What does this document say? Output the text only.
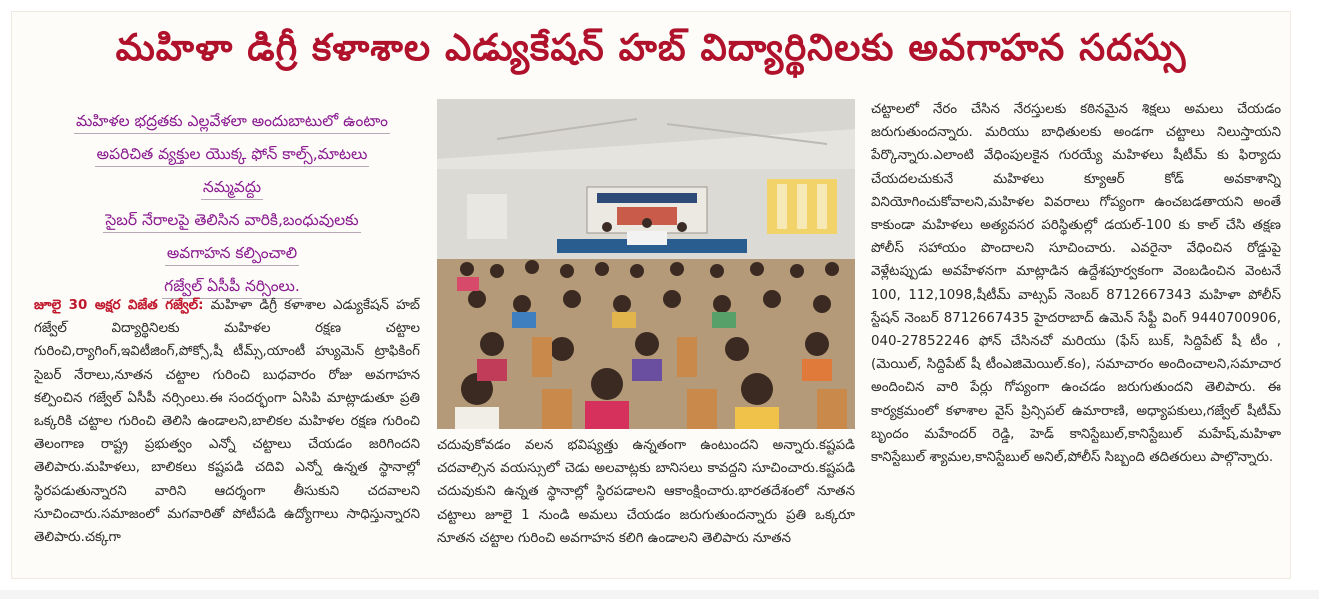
మహిళా డిగ్రీ కళాశాల ఎడ్యుకేషన్ హబ్ విద్యార్థినిలకు అవగాహన సదస్సు
మహిళల భద్రతకు ఎల్లవేళలా అందుబాటులో ఉంటాం
అపరిచిత వ్యక్తుల యొక్క ఫోన్ కాల్స్,మాటలు
నమ్మవద్దు
సైబర్ నేరాలపై తెలిసిన వారికి,బంధువులకు
అవగాహన కల్పించాలి
గజ్వేల్ ఏసీపీ నర్సింలు.
జూలై 30 అక్షర విజేత గజ్వేల్: మహిళా డిగ్రీ కళాశాల ఎడ్యుకేషన్ హబ్ గజ్వేల్ విద్యార్థినిలకు మహిళల రక్షణ చట్టాల గురించి,ర్యాగింగ్,ఇవిటీజింగ్,పోక్సో,షీ టీమ్స్,యాంటీ హ్యుమెన్ ట్రాఫికింగ్ సైబర్ నేరాలు,నూతన చట్టాల గురించి బుధవారం రోజు అవగాహన కల్పించిన గజ్వేల్ ఏసీపీ నర్సింలు.ఈ సందర్భంగా ఏసిపి మాట్లాడుతూ ప్రతి ఒక్కరికి చట్టాల గురించి తెలిసి ఉండాలని,బాలికల మహిళల రక్షణ గురించి తెలంగాణ రాష్ట్ర ప్రభుత్వం ఎన్నో చట్టాలు చేయడం జరిగిందని తెలిపారు.మహిళలు, బాలికలు కష్టపడి చదివి ఎన్నో ఉన్నత స్థానాల్లో స్థిరపడుతున్నారని వారిని ఆదర్శంగా తీసుకుని చదవాలని సూచించారు.సమాజంలో మగవారితో పోటీపడి ఉద్యోగాలు సాధిస్తున్నారని తెలిపారు.చక్కగా
చదువుకోవడం వలన భవిష్యత్తు ఉన్నతంగా ఉంటుందని అన్నారు.కష్టపడి చదవాల్సిన వయస్సులో చెడు అలవాట్లకు బానిసలు కావద్దని సూచించారు.కష్టపడి చదువుకుని ఉన్నత స్థానాల్లో స్థిరపడాలని ఆకాంక్షించారు.భారతదేశంలో నూతన చట్టాలు జూలై 1 నుండి అమలు చేయడం జరుగుతుందన్నారు ప్రతి ఒక్కరూ నూతన చట్టాల గురించి అవగాహన కలిగి ఉండాలని తెలిపారు నూతన
చట్టాలలో నేరం చేసిన నేరస్తులకు కఠినమైన శిక్షలు అమలు చేయడం జరుగుతుందన్నారు. మరియు బాధితులకు అండగా చట్టాలు నిలుస్తాయని పేర్కొన్నారు.ఎలాంటి వేధింపులకైన గురయ్యే మహిళలు షీటీమ్ కు ఫిర్యాదు చేయదలచుకునే మహిళలు క్యూఆర్ కోడ్ అవకాశాన్ని వినియోగించుకోవాలని,మహిళల వివరాలు గోప్యంగా ఉంచబడతాయని అంతే కాకుండా మహిళలు అత్యవసర పరిస్థితుల్లో డయల్-100 కు కాల్ చేసి తక్షణ పోలీస్ సహాయం పొందాలని సూచించారు. ఎవరైనా వేధించిన రోడ్డుపై వెళ్లేటప్పుడు అవహేళనగా మాట్లాడిన ఉద్దేశపూర్వకంగా వెంబడించిన వెంటనే 100, 112,1098,షీటీమ్ వాట్సప్ నెంబర్ 8712667343 మహిళా పోలీస్ స్టేషన్ నెంబర్ 8712667435 హైదరాబాద్ ఉమెన్ సేఫ్టీ వింగ్ 9440700906, 040-27852246 ఫోన్ చేసినచో మరియు (ఫేస్ బుక్, సిద్దిపేట్ షీ టీం ,(మెయిల్, సిద్దిపేట్ షీ టీంఎజిమెయిల్.కం), సమాచారం అందించాలని,సమాచార అందించిన వారి పేర్లు గోప్యంగా ఉంచడం జరుగుతుందని తెలిపారు. ఈ కార్యక్రమంలో కళాశాల వైస్ ప్రిన్సిపల్ ఉమారాణి, అధ్యాపకులు,గజ్వేల్ షీటీమ్ బృందం మహేందర్ రెడ్డి, హెడ్ కానిస్టేబుల్,కానిస్టేబుల్ మహేష్,మహిళా కానిస్టేబుల్ శ్యామల,కానిస్టేబుల్ అనిల్,పోలీస్ సిబ్బంది తదితరులు పాల్గొన్నారు.
